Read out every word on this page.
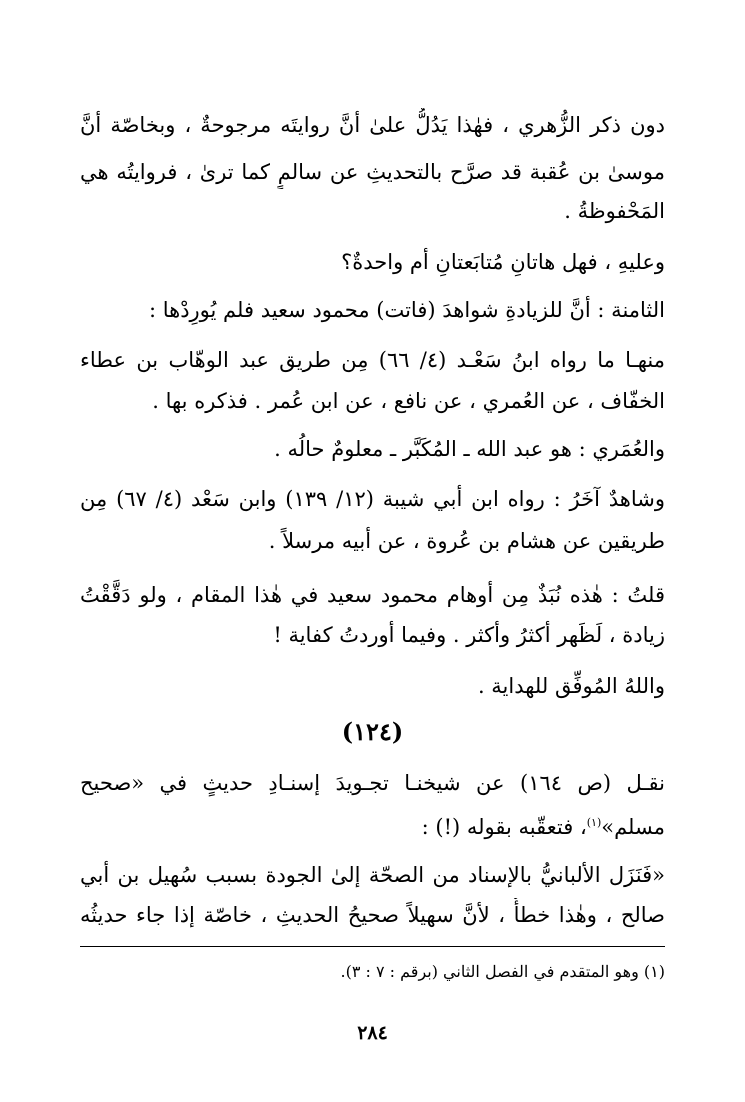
دون ذكر الزُّهري ، فهٰذا يَدُلُّ علىٰ أنَّ روايتَه مرجوحةٌ ، وبخاصّة أنَّ
موسىٰ بن عُقبة قد صرَّح بالتحديثِ عن سالمٍ كما ترىٰ ، فروايتُه هي
المَحْفوظةُ .
وعليهِ ، فهل هاتانِ مُتابَعتانِ أم واحدةٌ؟
الثامنة : أنَّ للزيادةِ شواهدَ (فاتت) محمود سعيد فلم يُورِدْها :
منهـا ما رواه ابنُ سَعْـد (٤/ ٦٦) مِن طريق عبد الوهّاب بن عطاء
الخفّاف ، عن العُمري ، عن نافع ، عن ابن عُمر . فذكره بها .
والعُمَري : هو عبد الله ـ المُكَبَّر ـ معلومٌ حالُه .
وشاهدٌ آخَرُ : رواه ابن أبي شيبة (١٢/ ١٣٩) وابن سَعْد (٤/ ٦٧) مِن
طريقين عن هشام بن عُروة ، عن أبيه مرسلاً .
قلتُ : هٰذه نُبَذٌ مِن أوهام محمود سعيد في هٰذا المقام ، ولو دَقَّقْتُ
زيادة ، لَظَهر أكثرُ وأكثر . وفيما أوردتُ كفاية !
واللهُ المُوفِّق للهداية .
(١٢٤)
نقـل (ص ١٦٤) عن شيخنـا تجـويدَ إسنـادِ حديثٍ في «صحيح
مسلم»$^{(١)}$، فتعقّبه بقوله (!) :
«فَنَزَل الألبانيُّ بالإسناد من الصحّة إلىٰ الجودة بسبب سُهيل بن أبي
صالح ، وهٰذا خطأٌ ، لأنَّ سهيلاً صحيحُ الحديثِ ، خاصّة إذا جاء حديثُه
(١) وهو المتقدم في الفصل الثاني (برقم : ٧ : ٣).
٢٨٤
